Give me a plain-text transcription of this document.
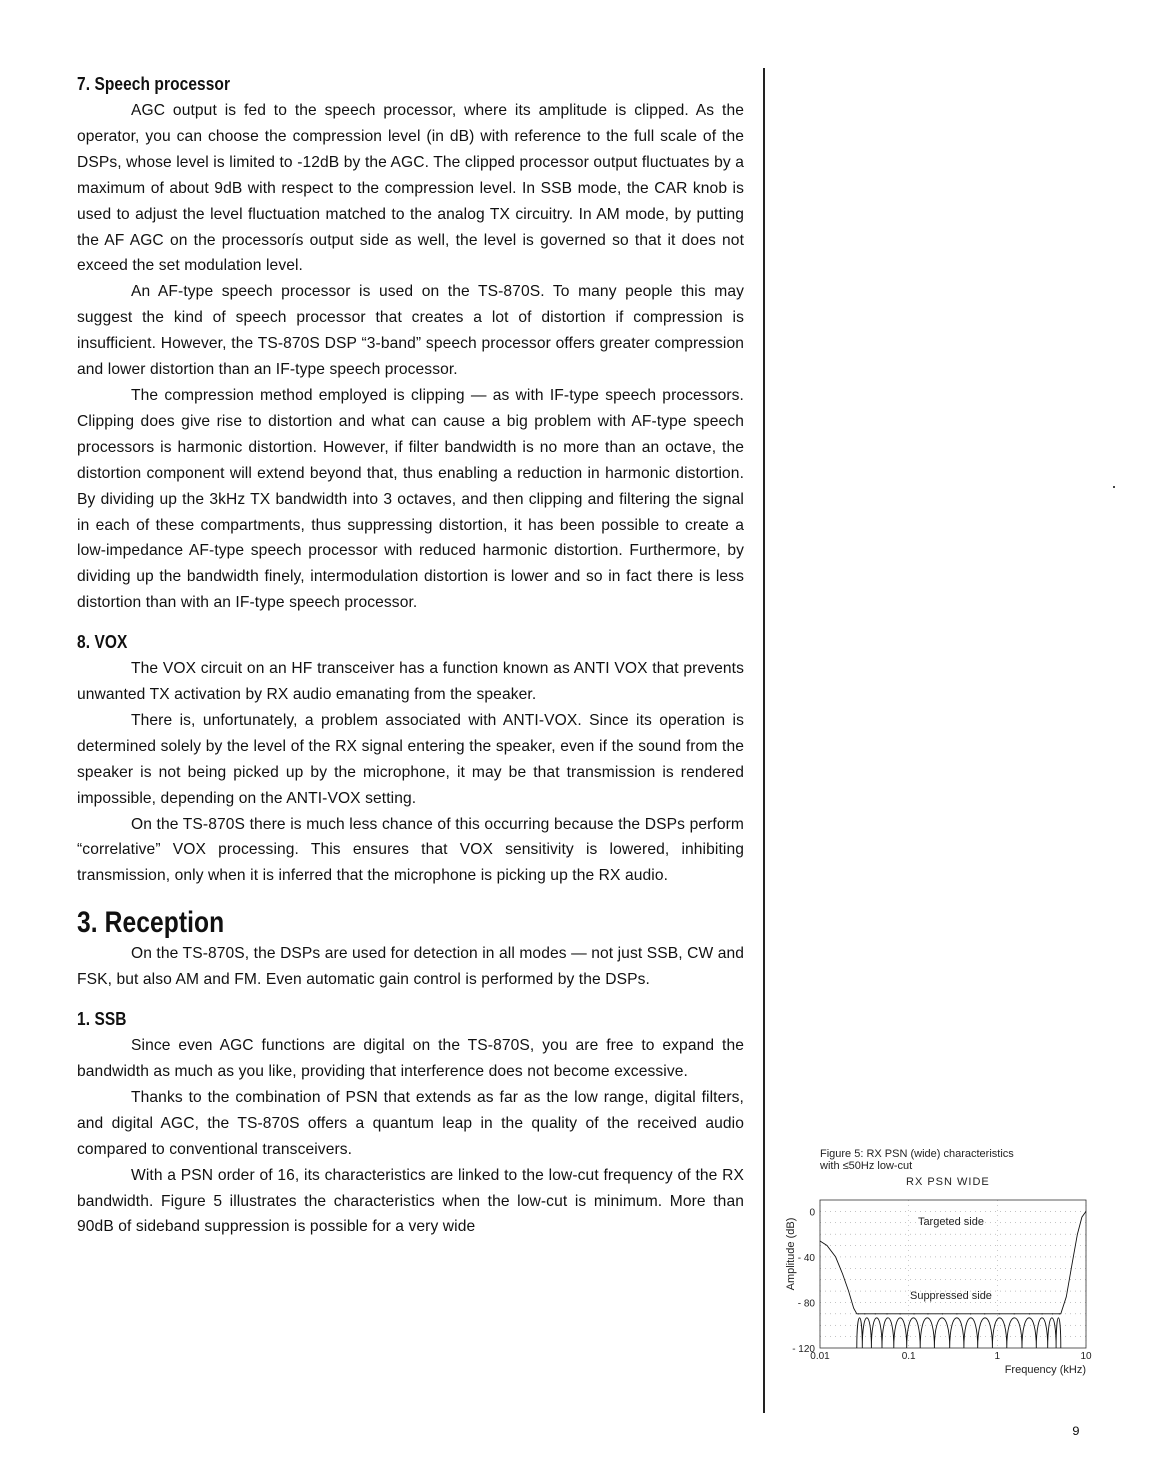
7. Speech processor

AGC output is fed to the speech processor, where its amplitude is clipped. As the operator, you can choose the compression level (in dB) with reference to the full scale of the DSPs, whose level is limited to -12dB by the AGC. The clipped processor output fluctuates by a maximum of about 9dB with respect to the compression level. In SSB mode, the CAR knob is used to adjust the level fluctuation matched to the analog TX circuitry. In AM mode, by putting the AF AGC on the processorís output side as well, the level is governed so that it does not exceed the set modulation level.

An AF-type speech processor is used on the TS-870S. To many people this may suggest the kind of speech processor that creates a lot of distortion if compression is insufficient. However, the TS-870S DSP “3-band” speech processor offers greater compression and lower distortion than an IF-type speech processor.

The compression method employed is clipping — as with IF-type speech processors. Clipping does give rise to distortion and what can cause a big problem with AF-type speech processors is harmonic distortion. However, if filter bandwidth is no more than an octave, the distortion component will extend beyond that, thus enabling a reduction in harmonic distortion. By dividing up the 3kHz TX bandwidth into 3 octaves, and then clipping and filtering the signal in each of these compartments, thus suppressing distortion, it has been possible to create a low-impedance AF-type speech processor with reduced harmonic distortion. Furthermore, by dividing up the bandwidth finely, intermodulation distortion is lower and so in fact there is less distortion than with an IF-type speech processor.

8. VOX

The VOX circuit on an HF transceiver has a function known as ANTI VOX that prevents unwanted TX activation by RX audio emanating from the speaker.

There is, unfortunately, a problem associated with ANTI-VOX. Since its operation is determined solely by the level of the RX signal entering the speaker, even if the sound from the speaker is not being picked up by the microphone, it may be that transmission is rendered impossible, depending on the ANTI-VOX setting.

On the TS-870S there is much less chance of this occurring because the DSPs perform “correlative” VOX processing. This ensures that VOX sensitivity is lowered, inhibiting transmission, only when it is inferred that the microphone is picking up the RX audio.

3. Reception

On the TS-870S, the DSPs are used for detection in all modes — not just SSB, CW and FSK, but also AM and FM. Even automatic gain control is performed by the DSPs.

1. SSB

Since even AGC functions are digital on the TS-870S, you are free to expand the bandwidth as much as you like, providing that interference does not become excessive.

Thanks to the combination of PSN that extends as far as the low range, digital filters, and digital AGC, the TS-870S offers a quantum leap in the quality of the received audio compared to conventional transceivers.

With a PSN order of 16, its characteristics are linked to the low-cut frequency of the RX bandwidth. Figure 5 illustrates the characteristics when the low-cut is minimum. More than 90dB of sideband suppression is possible for a very wide

Figure 5: RX PSN (wide) characteristics
with ≤50Hz low-cut
RX PSN WIDE
0
- 40
- 80
- 120
0.01	0.1	1	10
Amplitude (dB)
Frequency (kHz)
Targeted side
Suppressed side
9
